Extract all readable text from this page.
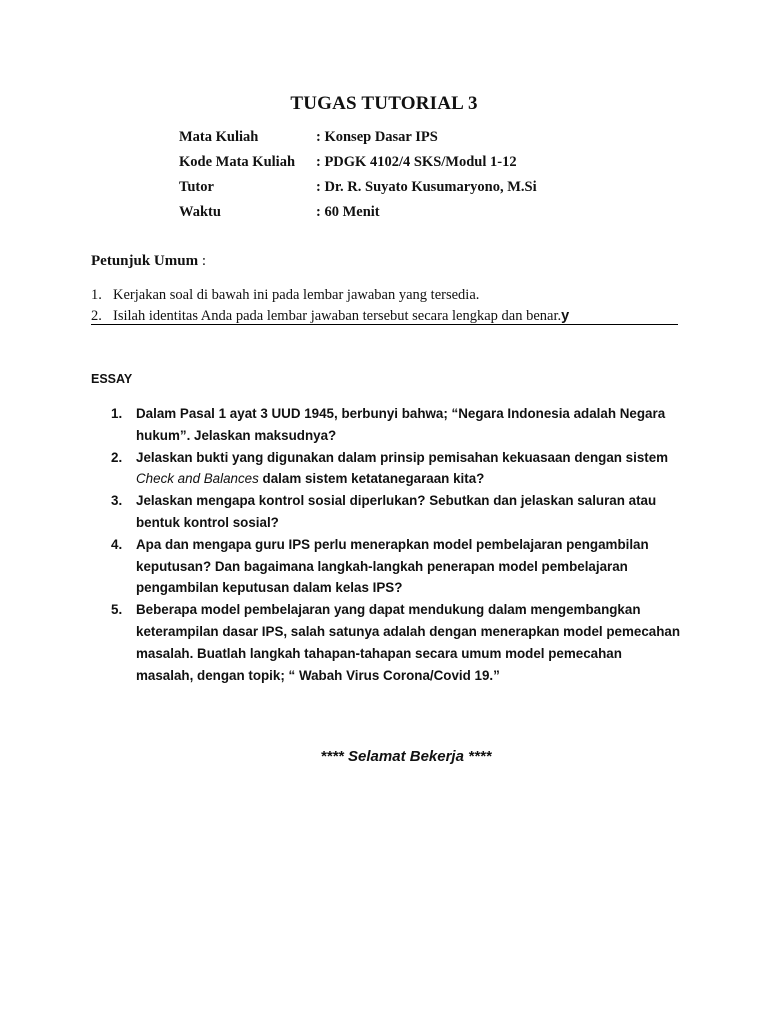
TUGAS TUTORIAL 3
Mata Kuliah	: Konsep Dasar IPS
Kode Mata Kuliah	: PDGK 4102/4 SKS/Modul 1-12
Tutor	: Dr. R. Suyato Kusumaryono, M.Si
Waktu	: 60 Menit
Petunjuk Umum :
1. Kerjakan soal di bawah ini pada lembar jawaban yang tersedia.
2. Isilah identitas Anda pada lembar jawaban tersebut secara lengkap dan benar.y
ESSAY
1.	Dalam Pasal 1 ayat 3 UUD 1945, berbunyi bahwa; “Negara Indonesia adalah Negara hukum”. Jelaskan maksudnya?
2.	Jelaskan bukti yang digunakan dalam prinsip pemisahan kekuasaan dengan sistem Check and Balances dalam sistem ketatanegaraan kita?
3.	Jelaskan mengapa kontrol sosial diperlukan? Sebutkan dan jelaskan saluran atau bentuk kontrol sosial?
4.	Apa dan mengapa guru IPS perlu menerapkan model pembelajaran pengambilan keputusan? Dan bagaimana langkah-langkah penerapan model pembelajaran pengambilan keputusan dalam kelas IPS?
5.	Beberapa model pembelajaran yang dapat mendukung dalam mengembangkan keterampilan dasar IPS, salah satunya adalah dengan menerapkan model pemecahan masalah. Buatlah langkah tahapan-tahapan secara umum model pemecahan masalah, dengan topik; “ Wabah Virus Corona/Covid 19.”
**** Selamat Bekerja ****
